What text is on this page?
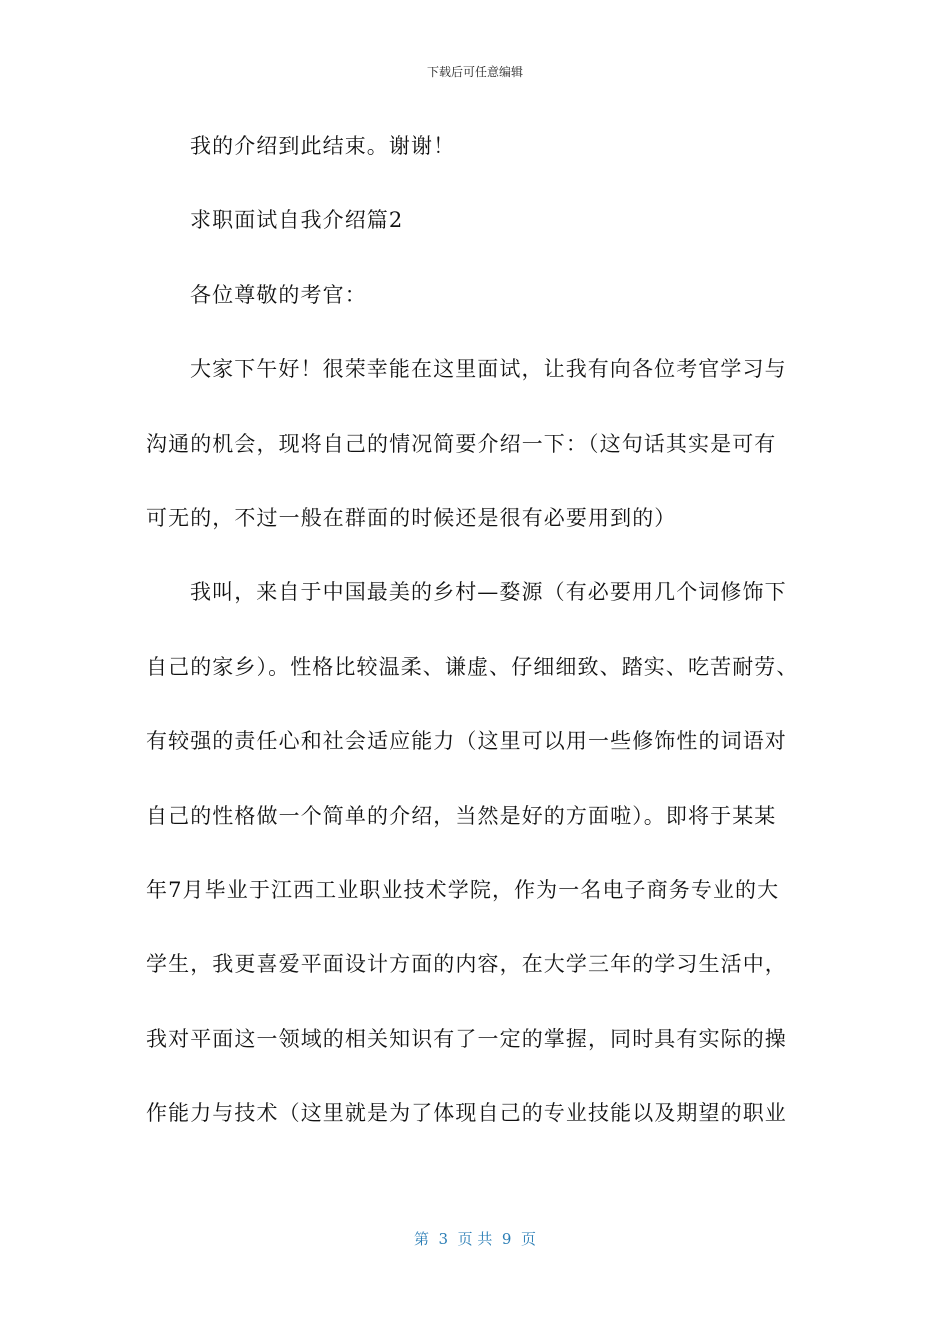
下载后可任意编辑
我的介绍到此结束。谢谢！
求职面试自我介绍篇2
各位尊敬的考官：
大家下午好！很荣幸能在这里面试，让我有向各位考官学习与
沟通的机会，现将自己的情况简要介绍一下：（这句话其实是可有
可无的，不过一般在群面的时候还是很有必要用到的）
我叫，来自于中国最美的乡村—婺源（有必要用几个词修饰下
自己的家乡）。性格比较温柔、谦虚、仔细细致、踏实、吃苦耐劳、
有较强的责任心和社会适应能力（这里可以用一些修饰性的词语对
自己的性格做一个简单的介绍，当然是好的方面啦）。即将于某某
年7月毕业于江西工业职业技术学院，作为一名电子商务专业的大
学生，我更喜爱平面设计方面的内容，在大学三年的学习生活中，
我对平面这一领域的相关知识有了一定的掌握，同时具有实际的操
作能力与技术（这里就是为了体现自己的专业技能以及期望的职业
第  3  页 共  9  页
